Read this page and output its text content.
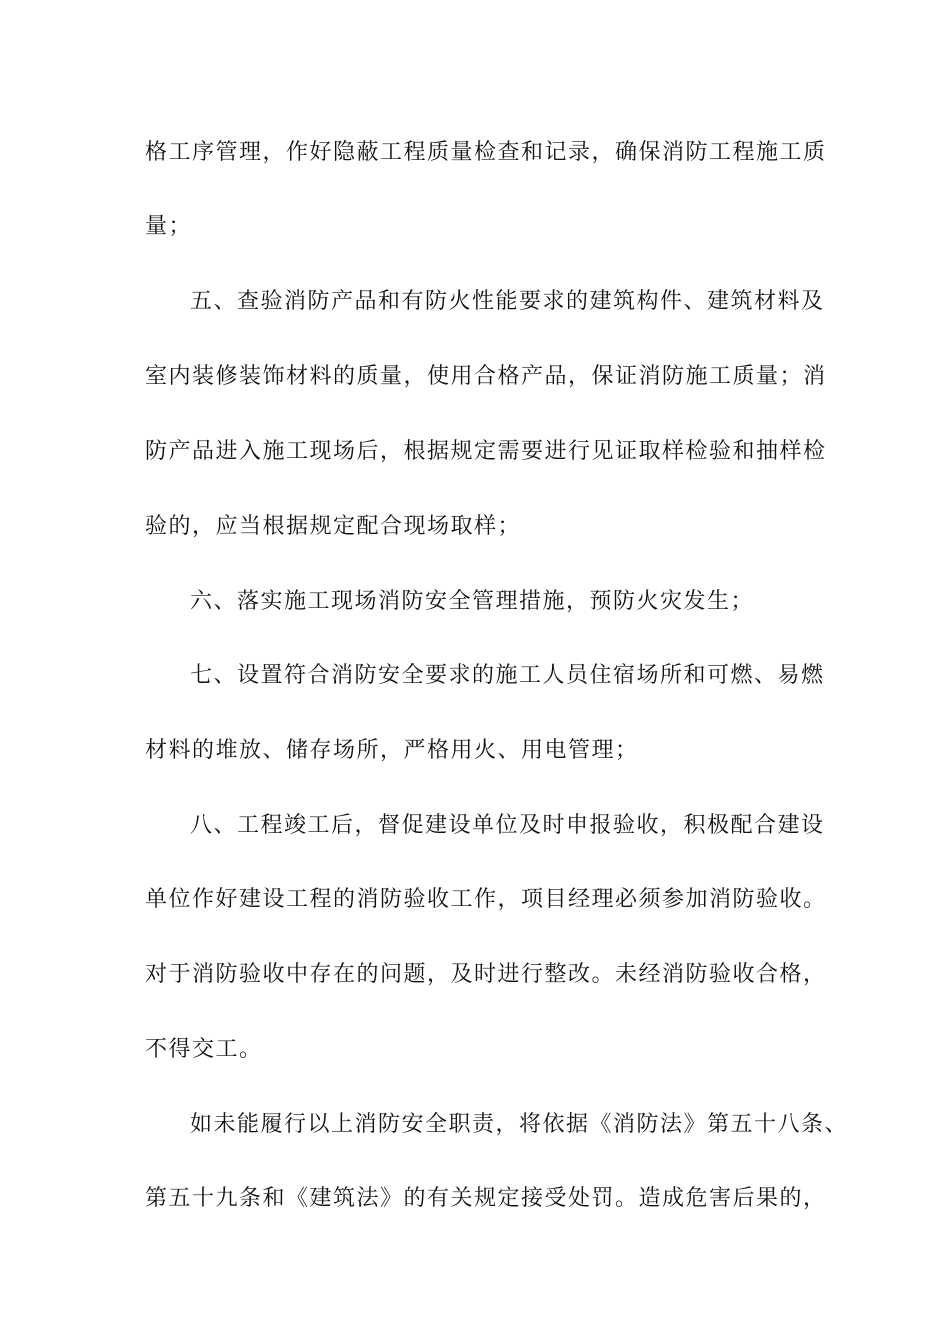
格工序管理，作好隐蔽工程质量检查和记录，确保消防工程施工质
量；
五、查验消防产品和有防火性能要求的建筑构件、建筑材料及
室内装修装饰材料的质量，使用合格产品，保证消防施工质量；消
防产品进入施工现场后，根据规定需要进行见证取样检验和抽样检
验的，应当根据规定配合现场取样；
六、落实施工现场消防安全管理措施，预防火灾发生；
七、设置符合消防安全要求的施工人员住宿场所和可燃、易燃
材料的堆放、储存场所，严格用火、用电管理；
八、工程竣工后，督促建设单位及时申报验收，积极配合建设
单位作好建设工程的消防验收工作，项目经理必须参加消防验收。
对于消防验收中存在的问题，及时进行整改。未经消防验收合格，
不得交工。
如未能履行以上消防安全职责，将依据《消防法》第五十八条、
第五十九条和《建筑法》的有关规定接受处罚。造成危害后果的，
